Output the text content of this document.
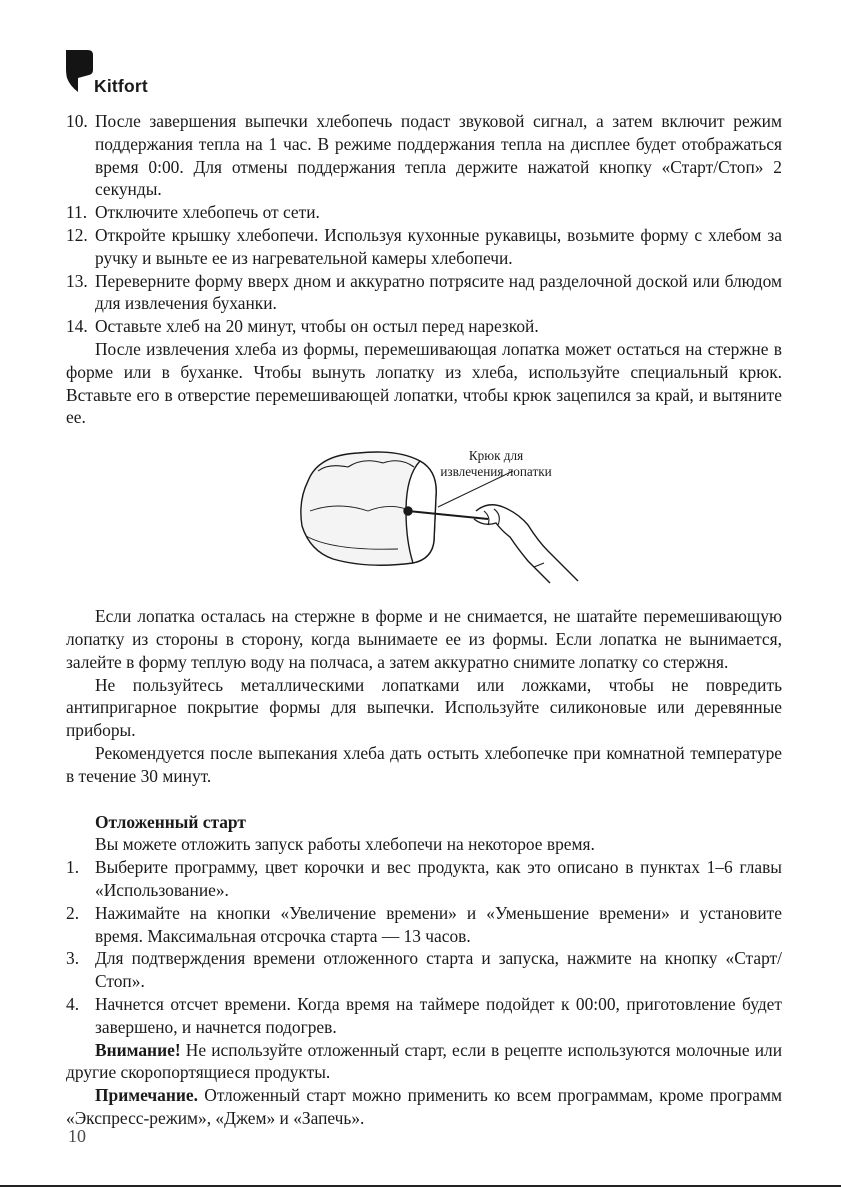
Kitfort

10. После завершения выпечки хлебопечь подаст звуковой сигнал, а затем включит режим поддержания тепла на 1 час. В режиме поддержания тепла на дисплее будет отображаться время 0:00. Для отмены поддержания тепла держите нажатой кнопку «Старт/Стоп» 2 секунды.

11. Отключите хлебопечь от сети.

12. Откройте крышку хлебопечи. Используя кухонные рукавицы, возьмите форму с хлебом за ручку и выньте ее из нагревательной камеры хлебопечи.

13. Переверните форму вверх дном и аккуратно потрясите над разделочной доской или блюдом для извлечения буханки.

14. Оставьте хлеб на 20 минут, чтобы он остыл перед нарезкой.

После извлечения хлеба из формы, перемешивающая лопатка может остаться на стержне в форме или в буханке. Чтобы вынуть лопатку из хлеба, используйте специальный крюк. Вставьте его в отверстие перемешивающей лопатки, чтобы крюк зацепился за край, и вытяните ее.

Крюк для
извлечения лопатки

Если лопатка осталась на стержне в форме и не снимается, не шатайте перемешивающую лопатку из стороны в сторону, когда вынимаете ее из формы. Если лопатка не вынимается, залейте в форму теплую воду на полчаса, а затем аккуратно снимите лопатку со стержня.

Не пользуйтесь металлическими лопатками или ложками, чтобы не повредить антипригарное покрытие формы для выпечки. Используйте силиконовые или деревянные приборы.

Рекомендуется после выпекания хлеба дать остыть хлебопечке при комнатной температуре в течение 30 минут.

Отложенный старт

Вы можете отложить запуск работы хлебопечи на некоторое время.

1. Выберите программу, цвет корочки и вес продукта, как это описано в пунктах 1–6 главы «Использование».

2. Нажимайте на кнопки «Увеличение времени» и «Уменьшение времени» и установите время. Максимальная отсрочка старта — 13 часов.

3. Для подтверждения времени отложенного старта и запуска, нажмите на кнопку «Старт/Стоп».

4. Начнется отсчет времени. Когда время на таймере подойдет к 00:00, приготовление будет завершено, и начнется подогрев.

Внимание! Не используйте отложенный старт, если в рецепте используются молочные или другие скоропортящиеся продукты.

Примечание. Отложенный старт можно применить ко всем программам, кроме программ «Экспресс-режим», «Джем» и «Запечь».

10
